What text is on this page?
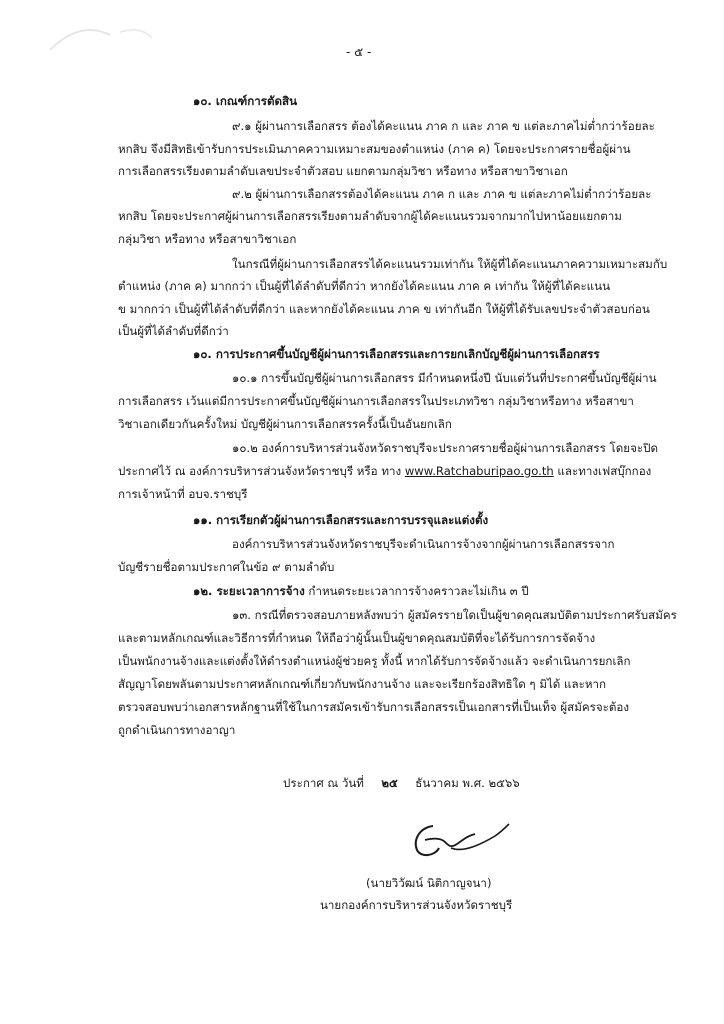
- ๕ -
๑๐. เกณฑ์การตัดสิน
๙.๑ ผู้ผ่านการเลือกสรร ต้องได้คะแนน ภาค ก และ ภาค ข แต่ละภาคไม่ต่ำกว่าร้อยละ
หกสิบ จึงมีสิทธิเข้ารับการประเมินภาคความเหมาะสมของตำแหน่ง (ภาค ค) โดยจะประกาศรายชื่อผู้ผ่าน
การเลือกสรรเรียงตามลำดับเลขประจำตัวสอบ แยกตามกลุ่มวิชา หรือทาง หรือสาขาวิชาเอก
๙.๒ ผู้ผ่านการเลือกสรรต้องได้คะแนน ภาค ก และ ภาค ข แต่ละภาคไม่ต่ำกว่าร้อยละ
หกสิบ โดยจะประกาศผู้ผ่านการเลือกสรรเรียงตามลำดับจากผู้ได้คะแนนรวมจากมากไปหาน้อยแยกตาม
กลุ่มวิชา หรือทาง หรือสาขาวิชาเอก
ในกรณีที่ผู้ผ่านการเลือกสรรได้คะแนนรวมเท่ากัน ให้ผู้ที่ได้คะแนนภาคความเหมาะสมกับ
ตำแหน่ง (ภาค ค) มากกว่า เป็นผู้ที่ได้ลำดับที่ดีกว่า หากยังได้คะแนน ภาค ค เท่ากัน ให้ผู้ที่ได้คะแนน
ข มากกว่า เป็นผู้ที่ได้ลำดับที่ดีกว่า และหากยังได้คะแนน ภาค ข เท่ากันอีก ให้ผู้ที่ได้รับเลขประจำตัวสอบก่อน
เป็นผู้ที่ได้ลำดับที่ดีกว่า
๑๐. การประกาศขึ้นบัญชีผู้ผ่านการเลือกสรรและการยกเลิกบัญชีผู้ผ่านการเลือกสรร
๑๐.๑ การขึ้นบัญชีผู้ผ่านการเลือกสรร มีกำหนดหนึ่งปี นับแต่วันที่ประกาศขึ้นบัญชีผู้ผ่าน
การเลือกสรร เว้นแต่มีการประกาศขึ้นบัญชีผู้ผ่านการเลือกสรรในประเภทวิชา กลุ่มวิชาหรือทาง หรือสาขา
วิชาเอกเดียวกันครั้งใหม่ บัญชีผู้ผ่านการเลือกสรรครั้งนี้เป็นอันยกเลิก
๑๐.๒ องค์การบริหารส่วนจังหวัดราชบุรีจะประกาศรายชื่อผู้ผ่านการเลือกสรร โดยจะปิด
ประกาศไว้ ณ องค์การบริหารส่วนจังหวัดราชบุรี หรือ ทาง www.Ratchaburipao.go.th และทางเฟสบุ๊กกอง
การเจ้าหน้าที่ อบจ.ราชบุรี
๑๑. การเรียกตัวผู้ผ่านการเลือกสรรและการบรรจุและแต่งตั้ง
องค์การบริหารส่วนจังหวัดราชบุรีจะดำเนินการจ้างจากผู้ผ่านการเลือกสรรจาก
บัญชีรายชื่อตามประกาศในข้อ ๙ ตามลำดับ
๑๒. ระยะเวลาการจ้าง กำหนดระยะเวลาการจ้างคราวละไม่เกิน ๓ ปี
๑๓. กรณีที่ตรวจสอบภายหลังพบว่า ผู้สมัครรายใดเป็นผู้ขาดคุณสมบัติตามประกาศรับสมัคร
และตามหลักเกณฑ์และวิธีการที่กำหนด ให้ถือว่าผู้นั้นเป็นผู้ขาดคุณสมบัติที่จะได้รับการการจัดจ้าง
เป็นพนักงานจ้างและแต่งตั้งให้ดำรงตำแหน่งผู้ช่วยครู ทั้งนี้ หากได้รับการจัดจ้างแล้ว จะดำเนินการยกเลิก
สัญญาโดยพลันตามประกาศหลักเกณฑ์เกี่ยวกับพนักงานจ้าง และจะเรียกร้องสิทธิใด ๆ มิได้ และหาก
ตรวจสอบพบว่าเอกสารหลักฐานที่ใช้ในการสมัครเข้ารับการเลือกสรรเป็นเอกสารที่เป็นเท็จ ผู้สมัครจะต้อง
ถูกดำเนินการทางอาญา
ประกาศ ณ วันที่ ๒๕ ธันวาคม พ.ศ. ๒๕๖๖
(นายวิวัฒน์ นิติกาญจนา)
นายกองค์การบริหารส่วนจังหวัดราชบุรี
